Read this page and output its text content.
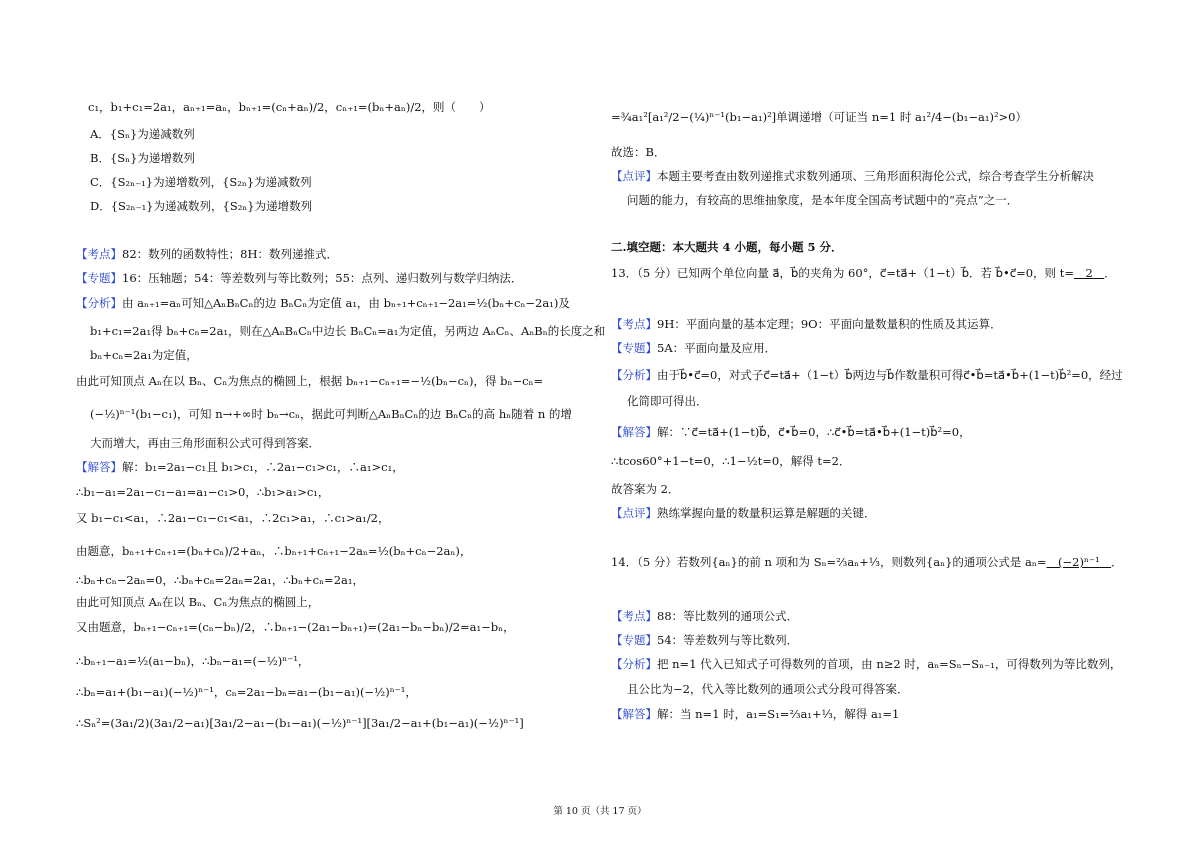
c₁，b₁+c₁=2a₁，aₙ₊₁=aₙ，bₙ₊₁=(cₙ+aₙ)/2，cₙ₊₁=(bₙ+aₙ)/2，则（　　）
A．{Sₙ}为递减数列
B．{Sₙ}为递增数列
C．{S₂ₙ₋₁}为递增数列，{S₂ₙ}为递减数列
D．{S₂ₙ₋₁}为递减数列，{S₂ₙ}为递增数列
【考点】82：数列的函数特性；8H：数列递推式．
【专题】16：压轴题；54：等差数列与等比数列；55：点列、递归数列与数学归纳法．
【分析】由 aₙ₊₁=aₙ可知△AₙBₙCₙ的边 BₙCₙ为定值 a₁，由 bₙ₊₁+cₙ₊₁−2a₁=½(bₙ+cₙ−2a₁)及
b₁+c₁=2a₁得 bₙ+cₙ=2a₁，则在△AₙBₙCₙ中边长 BₙCₙ=a₁为定值，另两边 AₙCₙ、AₙBₙ的长度之和
bₙ+cₙ=2a₁为定值，
由此可知顶点 Aₙ在以 Bₙ、Cₙ为焦点的椭圆上，根据 bₙ₊₁−cₙ₊₁=−½(bₙ−cₙ)，得 bₙ−cₙ=
(−½)ⁿ⁻¹(b₁−c₁)，可知 n→+∞时 bₙ→cₙ，据此可判断△AₙBₙCₙ的边 BₙCₙ的高 hₙ随着 n 的增
大而增大，再由三角形面积公式可得到答案．
【解答】解：b₁=2a₁−c₁且 b₁>c₁，∴2a₁−c₁>c₁，∴a₁>c₁，
∴b₁−a₁=2a₁−c₁−a₁=a₁−c₁>0，∴b₁>a₁>c₁，
又 b₁−c₁<a₁，∴2a₁−c₁−c₁<a₁，∴2c₁>a₁，∴c₁>a₁/2，
由题意，bₙ₊₁+cₙ₊₁=(bₙ+cₙ)/2+aₙ，∴bₙ₊₁+cₙ₊₁−2aₙ=½(bₙ+cₙ−2aₙ)，
∴bₙ+cₙ−2aₙ=0，∴bₙ+cₙ=2aₙ=2a₁，∴bₙ+cₙ=2a₁，
由此可知顶点 Aₙ在以 Bₙ、Cₙ为焦点的椭圆上，
又由题意，bₙ₊₁−cₙ₊₁=(cₙ−bₙ)/2，∴bₙ₊₁−(2a₁−bₙ₊₁)=(2a₁−bₙ−bₙ)/2=a₁−bₙ，
∴bₙ₊₁−a₁=½(a₁−bₙ)，∴bₙ−a₁=(−½)ⁿ⁻¹，
∴bₙ=a₁+(b₁−a₁)(−½)ⁿ⁻¹，cₙ=2a₁−bₙ=a₁−(b₁−a₁)(−½)ⁿ⁻¹，
∴Sₙ²=(3a₁/2)(3a₁/2−a₁)[3a₁/2−a₁−(b₁−a₁)(−½)ⁿ⁻¹][3a₁/2−a₁+(b₁−a₁)(−½)ⁿ⁻¹]
=¾a₁²[a₁²/2−(¼)ⁿ⁻¹(b₁−a₁)²]单调递增（可证当 n=1 时 a₁²/4−(b₁−a₁)²>0）
故选：B．
【点评】本题主要考查由数列递推式求数列通项、三角形面积海伦公式，综合考查学生分析解决
问题的能力，有较高的思维抽象度，是本年度全国高考试题中的“亮点”之一．
二.填空题：本大题共 4 小题，每小题 5 分．
13．（5 分）已知两个单位向量 a⃗，b⃗的夹角为 60°，c⃗=ta⃗+（1−t）b⃗．若 b⃗•c⃗=0，则 t=　2　．
【考点】9H：平面向量的基本定理；9O：平面向量数量积的性质及其运算．
【专题】5A：平面向量及应用．
【分析】由于b⃗•c⃗=0，对式子c⃗=ta⃗+（1−t）b⃗两边与b⃗作数量积可得c⃗•b⃗=ta⃗•b⃗+(1−t)b⃗²=0，经过
化简即可得出．
【解答】解：∵c⃗=ta⃗+(1−t)b⃗，c⃗•b⃗=0，∴c⃗•b⃗=ta⃗•b⃗+(1−t)b⃗²=0，
∴tcos60°+1−t=0，∴1−½t=0，解得 t=2．
故答案为 2．
【点评】熟练掌握向量的数量积运算是解题的关键．
14．（5 分）若数列{aₙ}的前 n 项和为 Sₙ=⅔aₙ+⅓，则数列{aₙ}的通项公式是 aₙ=　(−2)ⁿ⁻¹　．
【考点】88：等比数列的通项公式．
【专题】54：等差数列与等比数列．
【分析】把 n=1 代入已知式子可得数列的首项，由 n≥2 时，aₙ=Sₙ−Sₙ₋₁，可得数列为等比数列，
且公比为−2，代入等比数列的通项公式分段可得答案．
【解答】解：当 n=1 时，a₁=S₁=⅔a₁+⅓，解得 a₁=1
第 10 页（共 17 页）
